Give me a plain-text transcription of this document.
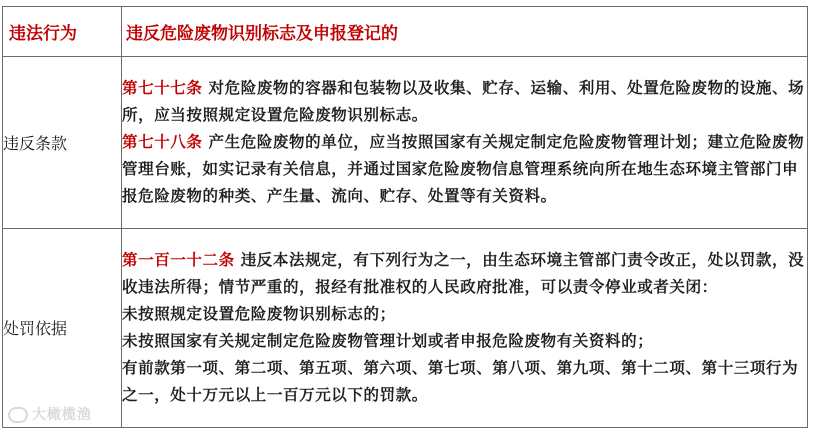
违法行为	违反危险废物识别标志及申报登记的
违反条款	第七十七条 对危险废物的容器和包装物以及收集、贮存、运输、利用、处置危险废物的设施、场所，应当按照规定设置危险废物识别标志。

第七十八条 产生危险废物的单位，应当按照国家有关规定制定危险废物管理计划；建立危险废物管理台账，如实记录有关信息，并通过国家危险废物信息管理系统向所在地生态环境主管部门申报危险废物的种类、产生量、流向、贮存、处置等有关资料。

处罚依据	第一百一十二条 违反本法规定，有下列行为之一，由生态环境主管部门责令改正，处以罚款，没收违法所得；情节严重的，报经有批准权的人民政府批准，可以责令停业或者关闭：

未按照规定设置危险废物识别标志的；

未按照国家有关规定制定危险废物管理计划或者申报危险废物有关资料的；

有前款第一项、第二项、第五项、第六项、第七项、第八项、第九项、第十二项、第十三项行为之一，处十万元以上一百万元以下的罚款。

大橄榄渔
